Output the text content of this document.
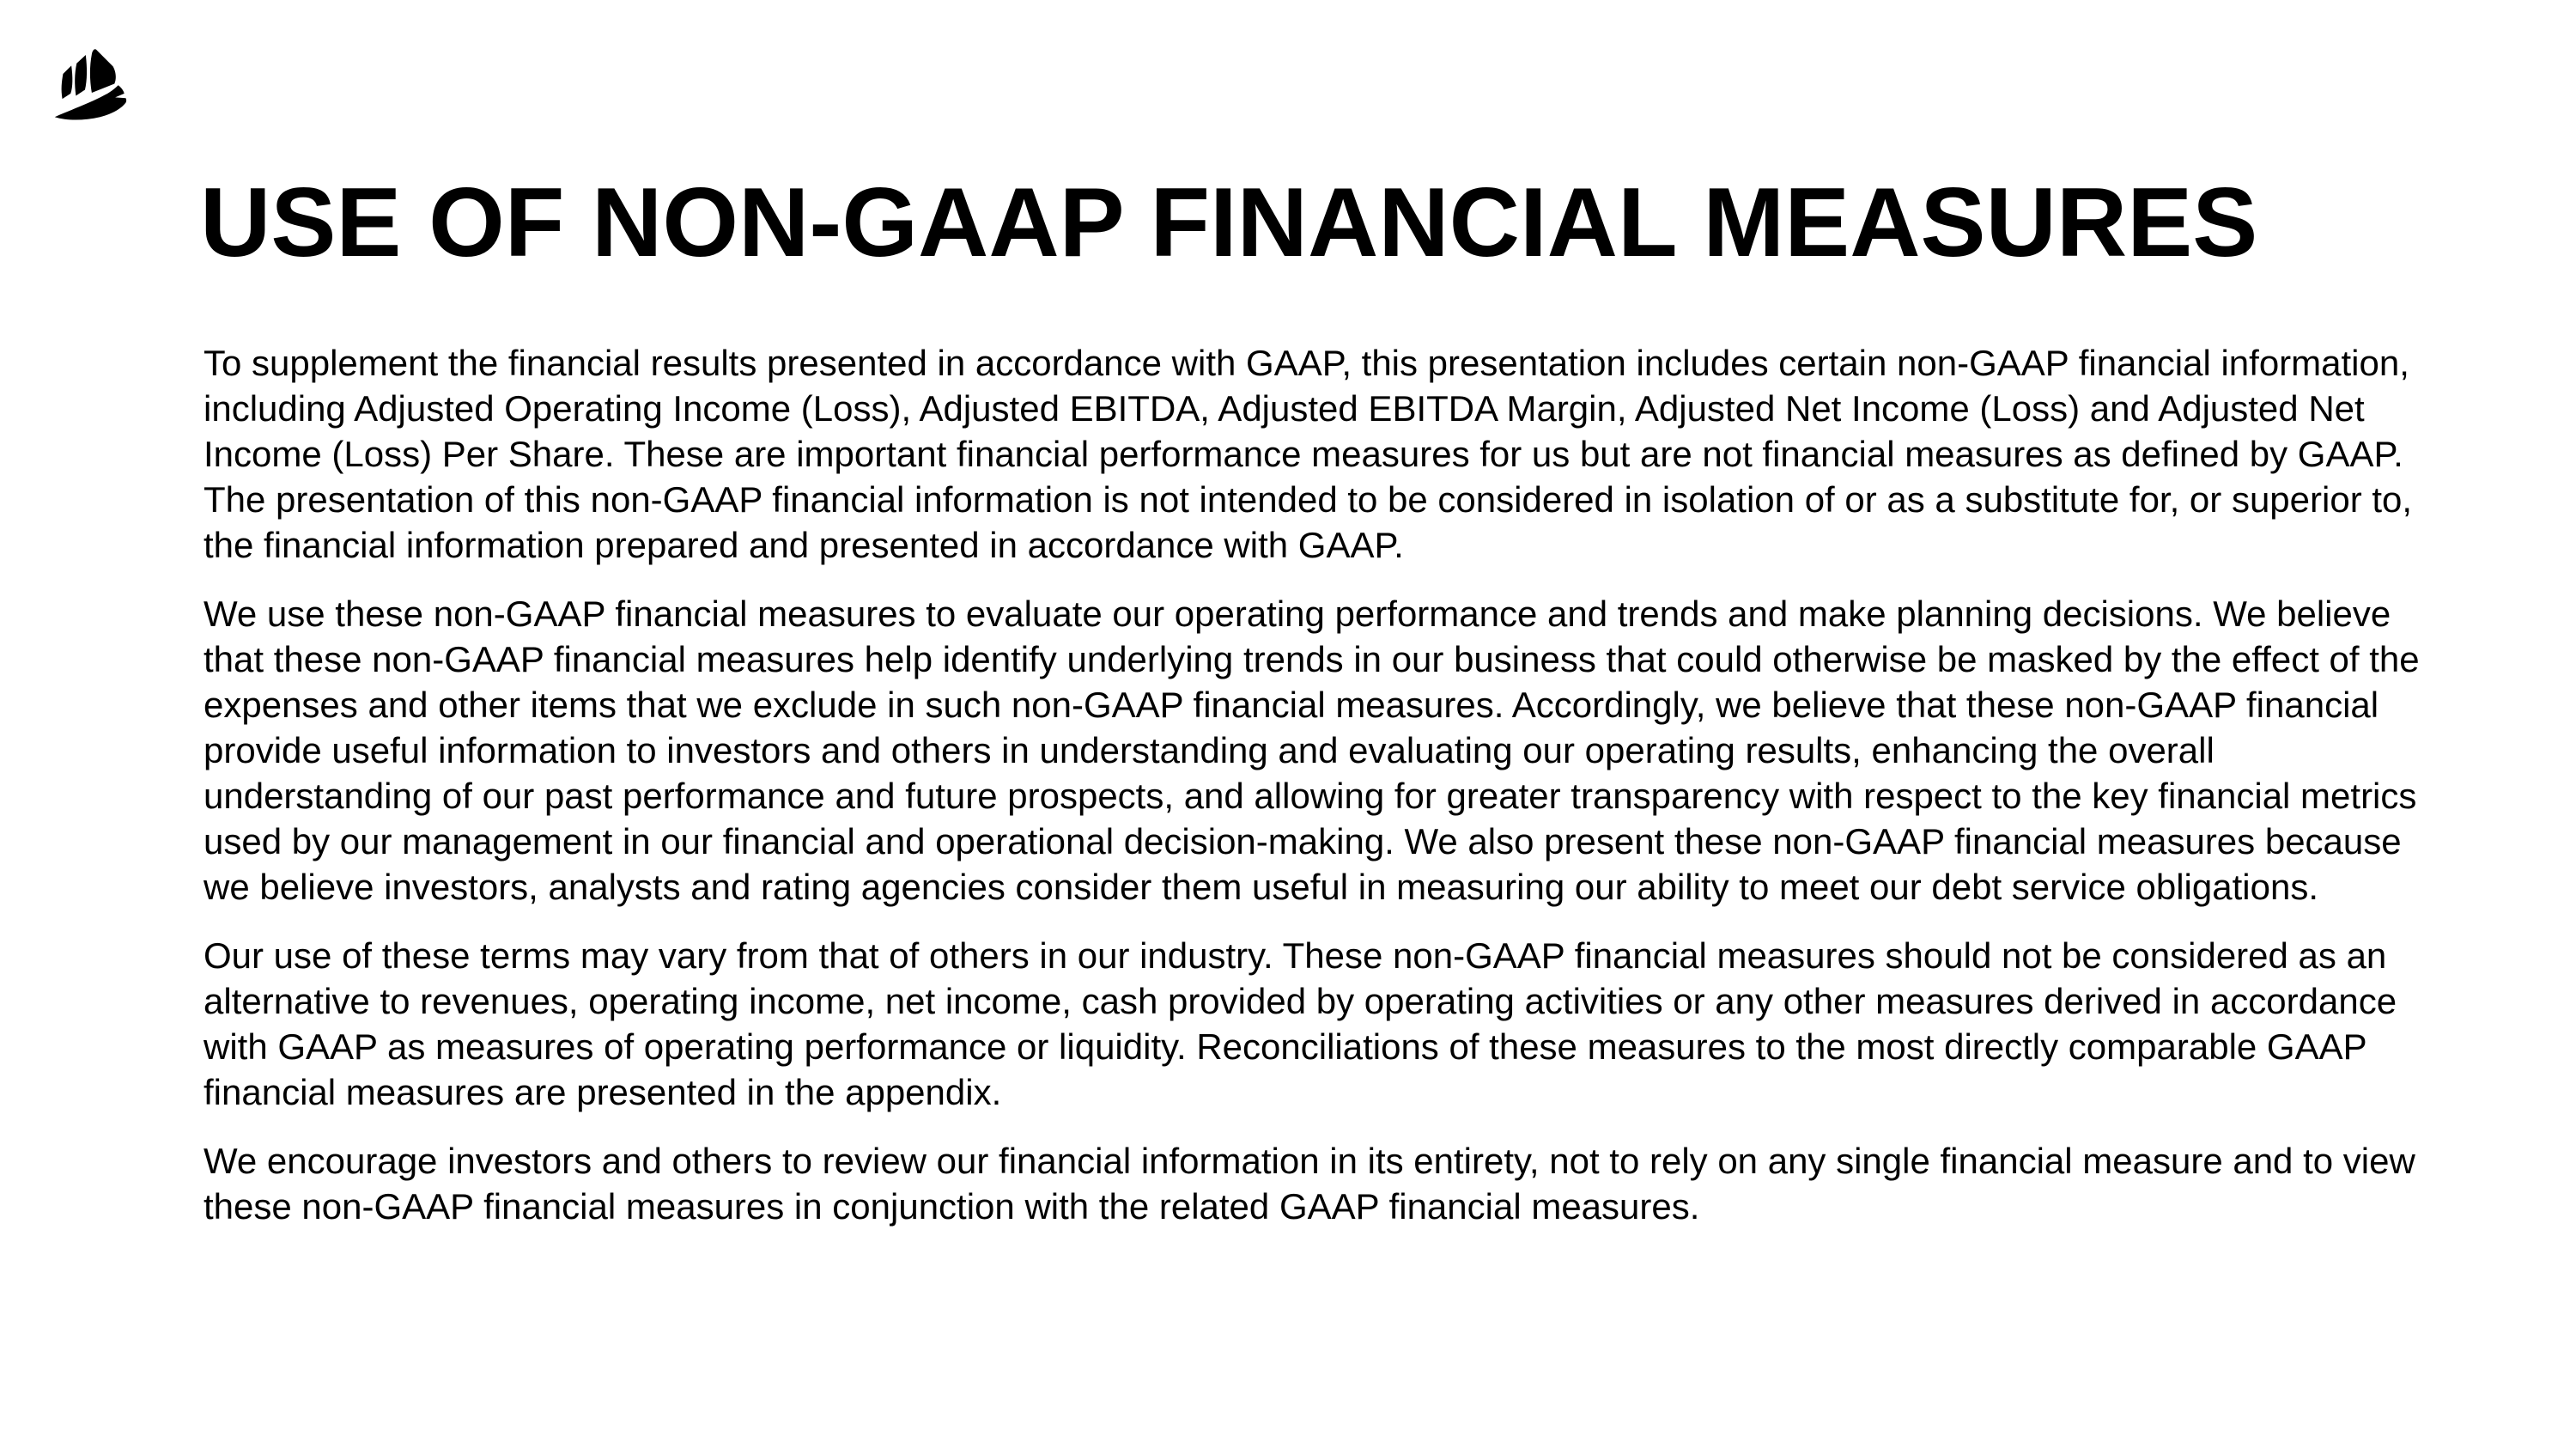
USE OF NON-GAAP FINANCIAL MEASURES

To supplement the financial results presented in accordance with GAAP, this presentation includes certain non-GAAP financial information, including Adjusted Operating Income (Loss), Adjusted EBITDA, Adjusted EBITDA Margin, Adjusted Net Income (Loss) and Adjusted Net Income (Loss) Per Share. These are important financial performance measures for us but are not financial measures as defined by GAAP. The presentation of this non-GAAP financial information is not intended to be considered in isolation of or as a substitute for, or superior to, the financial information prepared and presented in accordance with GAAP.

We use these non-GAAP financial measures to evaluate our operating performance and trends and make planning decisions. We believe that these non-GAAP financial measures help identify underlying trends in our business that could otherwise be masked by the effect of the expenses and other items that we exclude in such non-GAAP financial measures. Accordingly, we believe that these non-GAAP financial provide useful information to investors and others in understanding and evaluating our operating results, enhancing the overall understanding of our past performance and future prospects, and allowing for greater transparency with respect to the key financial metrics used by our management in our financial and operational decision-making. We also present these non-GAAP financial measures because we believe investors, analysts and rating agencies consider them useful in measuring our ability to meet our debt service obligations.

Our use of these terms may vary from that of others in our industry. These non-GAAP financial measures should not be considered as an alternative to revenues, operating income, net income, cash provided by operating activities or any other measures derived in accordance with GAAP as measures of operating performance or liquidity. Reconciliations of these measures to the most directly comparable GAAP financial measures are presented in the appendix.

We encourage investors and others to review our financial information in its entirety, not to rely on any single financial measure and to view these non-GAAP financial measures in conjunction with the related GAAP financial measures.
